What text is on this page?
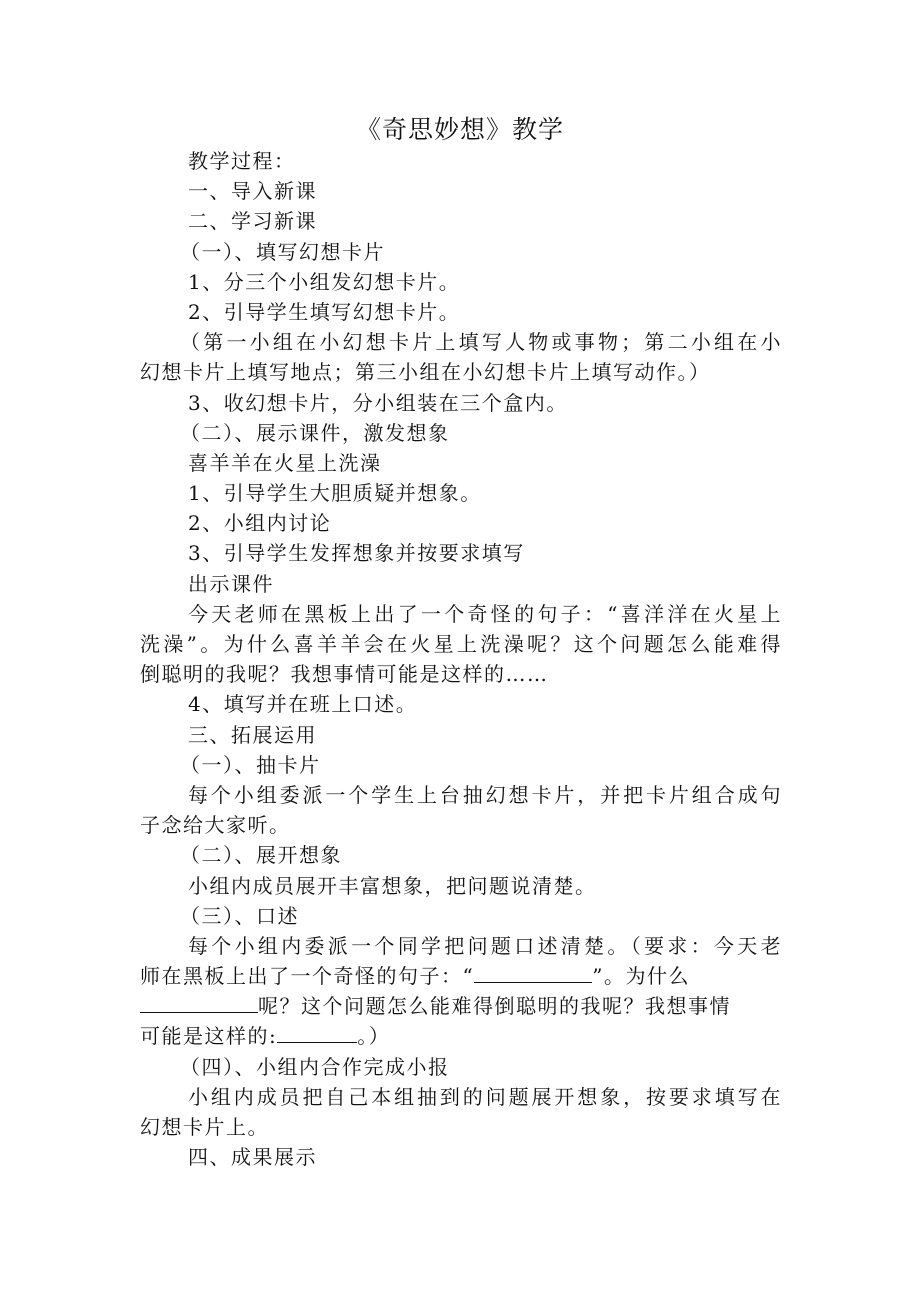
《奇思妙想》教学
教学过程：
一、导入新课
二、学习新课
（一）、填写幻想卡片
1、分三个小组发幻想卡片。
2、引导学生填写幻想卡片。
（第一小组在小幻想卡片上填写人物或事物；第二小组在小
幻想卡片上填写地点；第三小组在小幻想卡片上填写动作。）
3、收幻想卡片，分小组装在三个盒内。
（二）、展示课件，激发想象
喜羊羊在火星上洗澡
1、引导学生大胆质疑并想象。
2、小组内讨论
3、引导学生发挥想象并按要求填写
出示课件
今天老师在黑板上出了一个奇怪的句子：“喜洋洋在火星上
洗澡”。为什么喜羊羊会在火星上洗澡呢？这个问题怎么能难得
倒聪明的我呢？我想事情可能是这样的……
4、填写并在班上口述。
三、拓展运用
（一）、抽卡片
每个小组委派一个学生上台抽幻想卡片，并把卡片组合成句
子念给大家听。
（二）、展开想象
小组内成员展开丰富想象，把问题说清楚。
（三）、口述
每个小组内委派一个同学把问题口述清楚。（要求：今天老
师在黑板上出了一个奇怪的句子：“	”。为什么
呢？这个问题怎么能难得倒聪明的我呢？我想事情
可能是这样的:	。）
（四）、小组内合作完成小报
小组内成员把自己本组抽到的问题展开想象，按要求填写在
幻想卡片上。
四、成果展示
